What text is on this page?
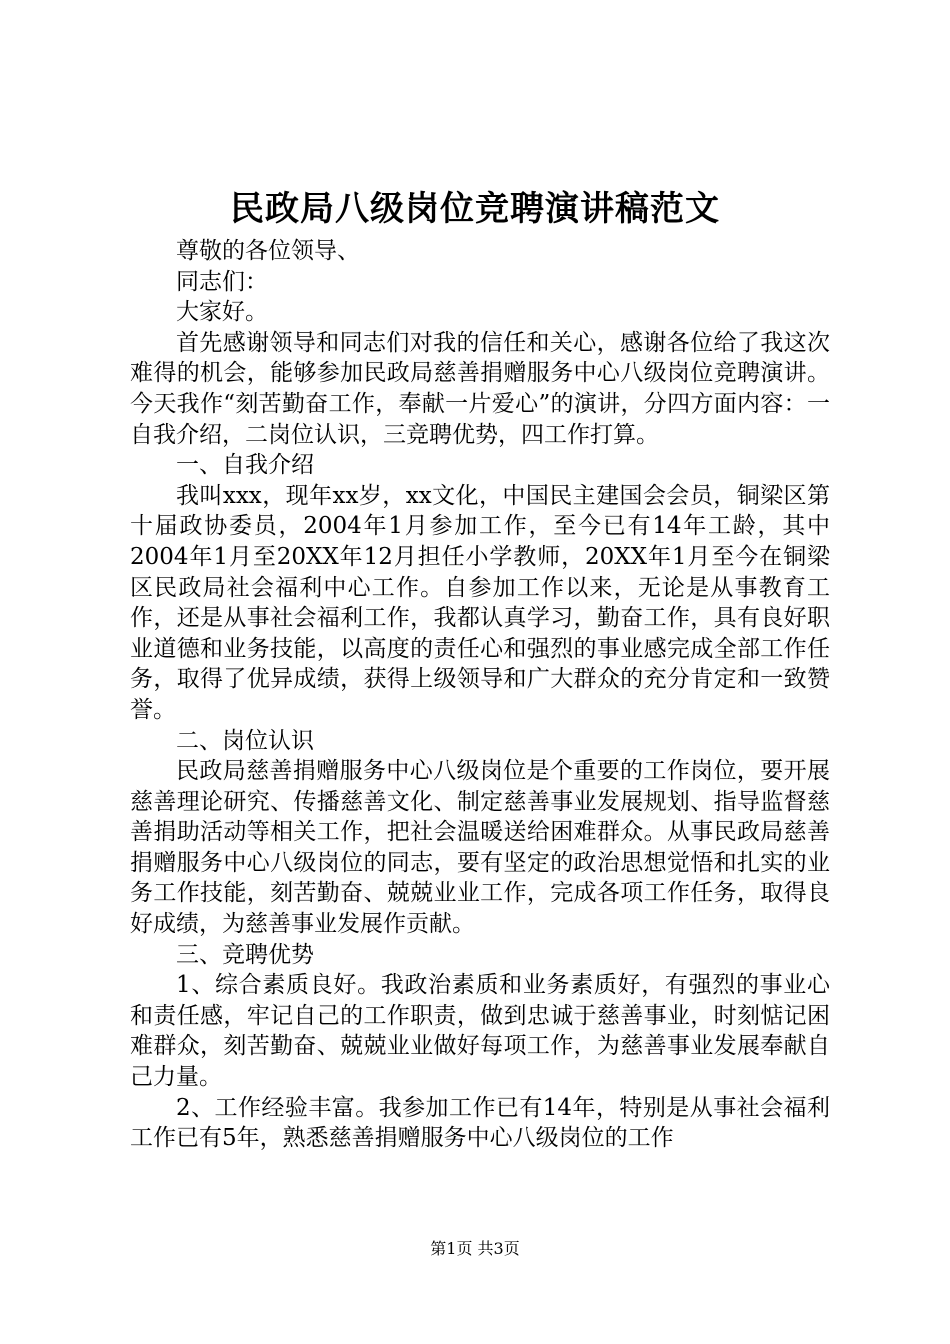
民政局八级岗位竞聘演讲稿范文

尊敬的各位领导、

同志们：

大家好。

首先感谢领导和同志们对我的信任和关心，感谢各位给了我这次难得的机会，能够参加民政局慈善捐赠服务中心八级岗位竞聘演讲。今天我作“刻苦勤奋工作，奉献一片爱心”的演讲，分四方面内容：一自我介绍，二岗位认识，三竞聘优势，四工作打算。

一、自我介绍

我叫xxx，现年xx岁，xx文化，中国民主建国会会员，铜梁区第十届政协委员，2004年1月参加工作，至今已有14年工龄，其中2004年1月至20XX年12月担任小学教师，20XX年1月至今在铜梁区民政局社会福利中心工作。自参加工作以来，无论是从事教育工作，还是从事社会福利工作，我都认真学习，勤奋工作，具有良好职业道德和业务技能，以高度的责任心和强烈的事业感完成全部工作任务，取得了优异成绩，获得上级领导和广大群众的充分肯定和一致赞誉。

二、岗位认识

民政局慈善捐赠服务中心八级岗位是个重要的工作岗位，要开展慈善理论研究、传播慈善文化、制定慈善事业发展规划、指导监督慈善捐助活动等相关工作，把社会温暖送给困难群众。从事民政局慈善捐赠服务中心八级岗位的同志，要有坚定的政治思想觉悟和扎实的业务工作技能，刻苦勤奋、兢兢业业工作，完成各项工作任务，取得良好成绩，为慈善事业发展作贡献。

三、竞聘优势

1、综合素质良好。我政治素质和业务素质好，有强烈的事业心和责任感，牢记自己的工作职责，做到忠诚于慈善事业，时刻惦记困难群众，刻苦勤奋、兢兢业业做好每项工作，为慈善事业发展奉献自己力量。

2、工作经验丰富。我参加工作已有14年，特别是从事社会福利工作已有5年，熟悉慈善捐赠服务中心八级岗位的工作

第1页 共3页
